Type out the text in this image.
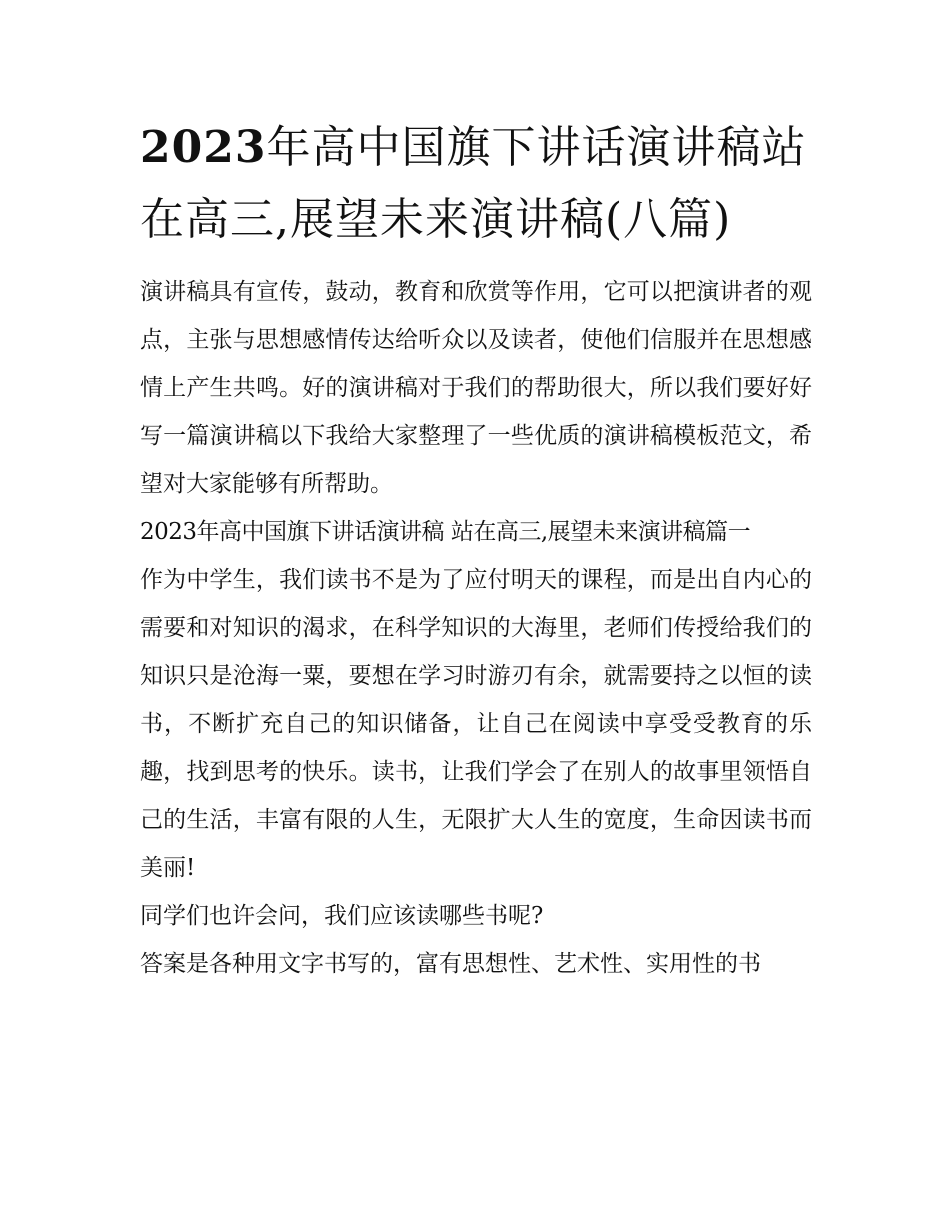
2023年高中国旗下讲话演讲稿站在高三,展望未来演讲稿(八篇)

演讲稿具有宣传，鼓动，教育和欣赏等作用，它可以把演讲者的观点，主张与思想感情传达给听众以及读者，使他们信服并在思想感情上产生共鸣。好的演讲稿对于我们的帮助很大，所以我们要好好写一篇演讲稿以下我给大家整理了一些优质的演讲稿模板范文，希望对大家能够有所帮助。

2023年高中国旗下讲话演讲稿 站在高三,展望未来演讲稿篇一

作为中学生，我们读书不是为了应付明天的课程，而是出自内心的需要和对知识的渴求，在科学知识的大海里，老师们传授给我们的知识只是沧海一粟，要想在学习时游刃有余，就需要持之以恒的读书，不断扩充自己的知识储备，让自己在阅读中享受受教育的乐趣，找到思考的快乐。读书，让我们学会了在别人的故事里领悟自己的生活，丰富有限的人生，无限扩大人生的宽度，生命因读书而美丽!

同学们也许会问，我们应该读哪些书呢?

答案是各种用文字书写的，富有思想性、艺术性、实用性的书
